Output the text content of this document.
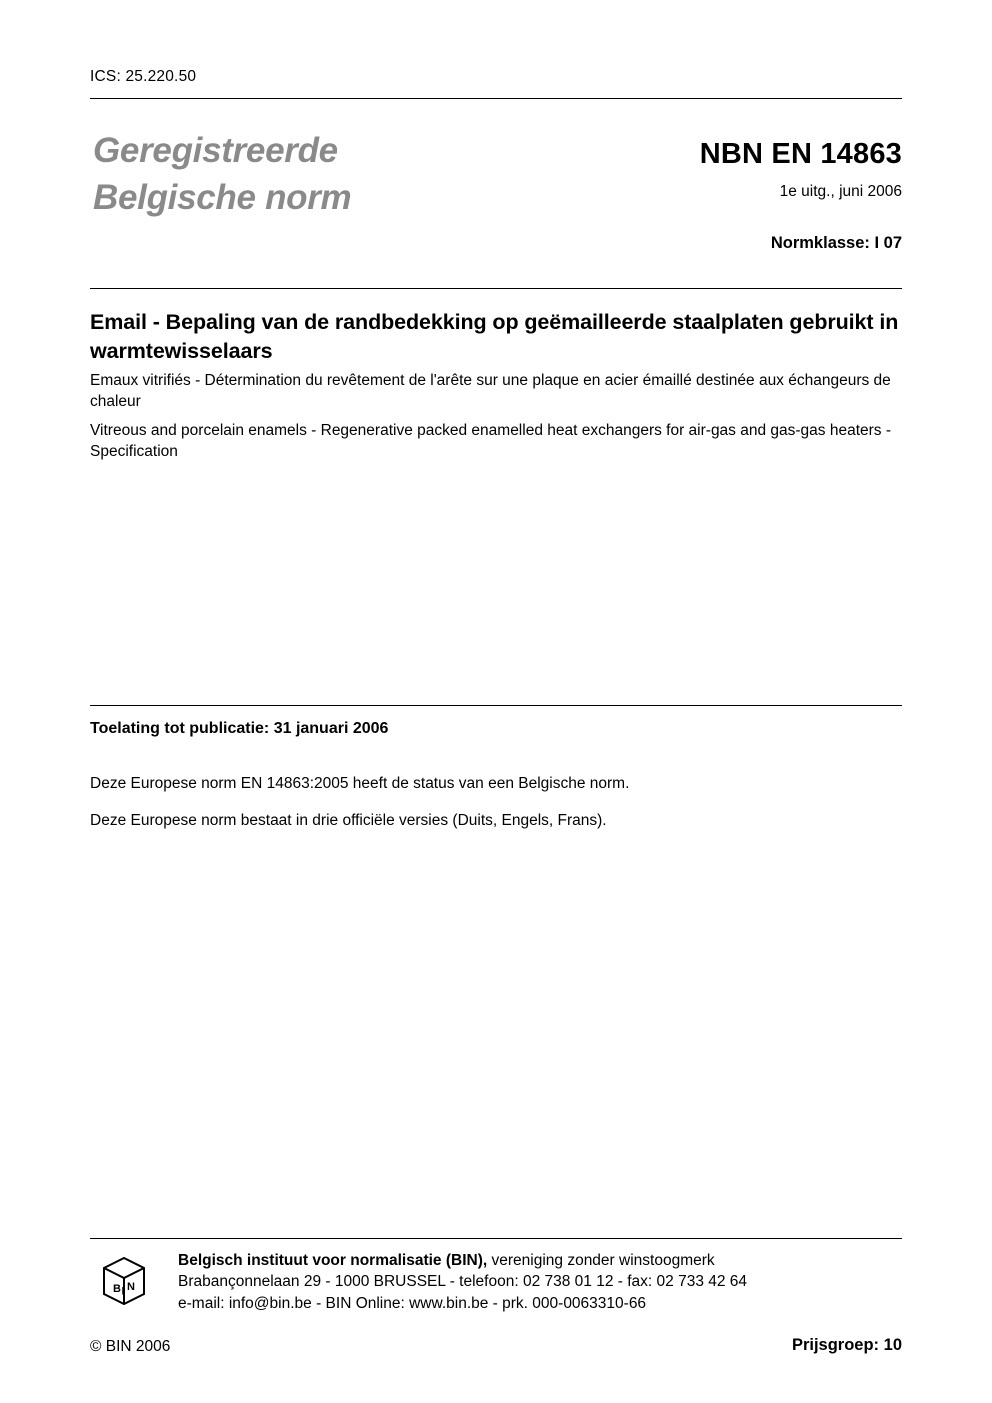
ICS: 25.220.50
Geregistreerde
Belgische norm
NBN EN 14863
1e uitg., juni 2006
Normklasse: I 07
Email - Bepaling van de randbedekking op geëmailleerde staalplaten gebruikt in warmtewisselaars
Emaux vitrifiés - Détermination du revêtement de l'arête sur une plaque en acier émaillé destinée aux échangeurs de chaleur
Vitreous and porcelain enamels - Regenerative packed enamelled heat exchangers for air-gas and gas-gas heaters - Specification
Toelating tot publicatie: 31 januari 2006
Deze Europese norm EN 14863:2005 heeft de status van een Belgische norm.
Deze Europese norm bestaat in drie officiële versies (Duits, Engels, Frans).
B I N
Belgisch instituut voor normalisatie (BIN), vereniging zonder winstoogmerk
Brabançonnelaan 29 - 1000 BRUSSEL - telefoon: 02 738 01 12 - fax: 02 733 42 64
e-mail: info@bin.be - BIN Online: www.bin.be - prk. 000-0063310-66
© BIN 2006	Prijsgroep: 10
